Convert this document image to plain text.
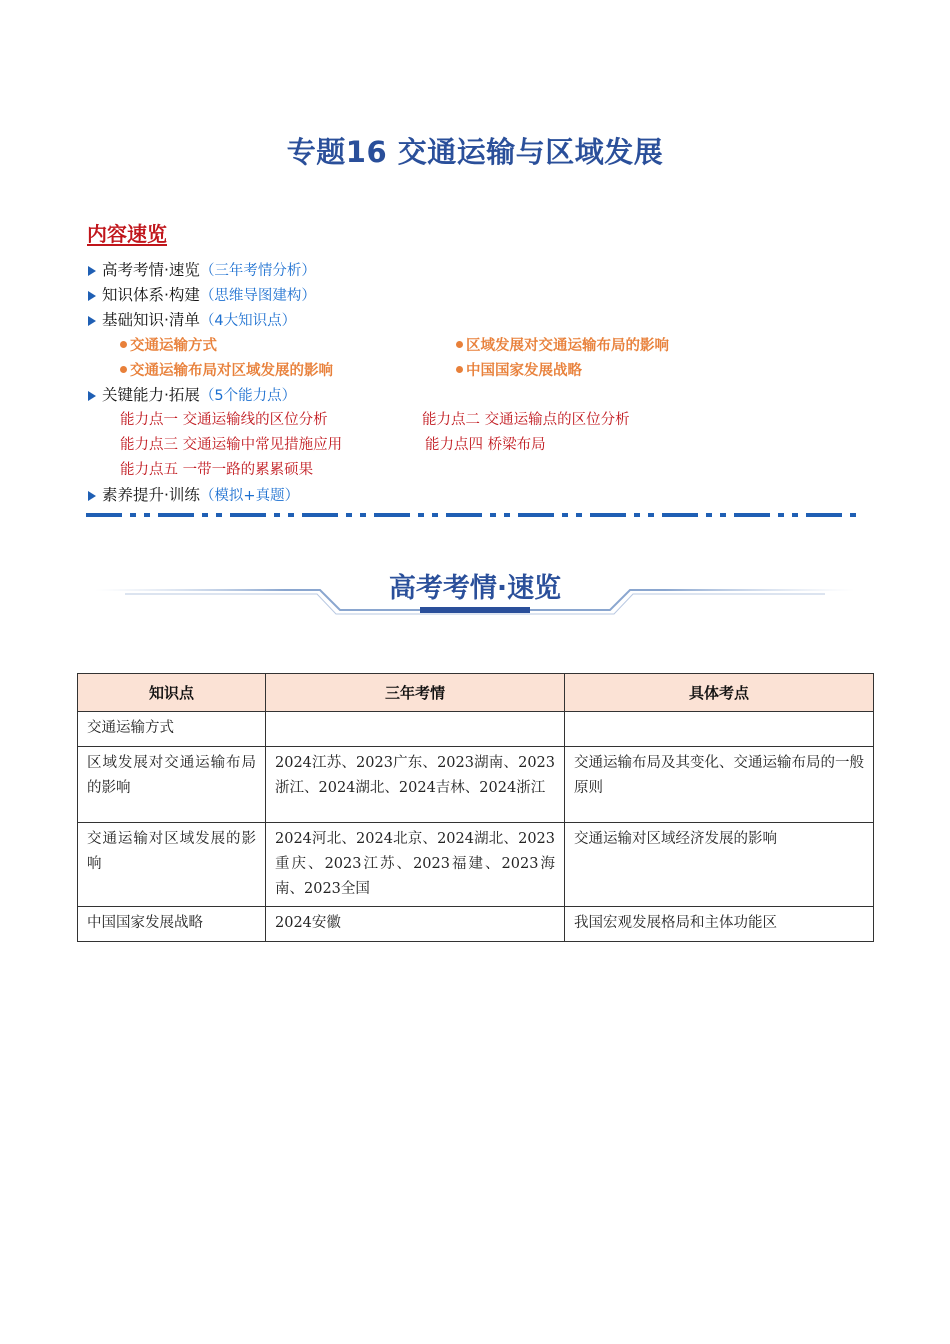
专题16 交通运输与区域发展
内容速览
高考考情·速览（三年考情分析）
知识体系·构建（思维导图建构）
基础知识·清单（4大知识点）
交通运输方式	区域发展对交通运输布局的影响
交通运输布局对区域发展的影响	中国国家发展战略
关键能力·拓展（5个能力点）
能力点一 交通运输线的区位分析	能力点二 交通运输点的区位分析
能力点三 交通运输中常见措施应用	能力点四 桥梁布局
能力点五 一带一路的累累硕果
素养提升·训练（模拟+真题）
高考考情·速览
知识点	三年考情	具体考点
交通运输方式		
区域发展对交通运输布局的影响	2024江苏、2023广东、2023湖南、2023浙江、2024湖北、2024吉林、2024浙江	交通运输布局及其变化、交通运输布局的一般原则
交通运输对区域发展的影响	2024河北、2024北京、2024湖北、2023重庆、2023江苏、2023福建、2023海南、2023全国	交通运输对区域经济发展的影响
中国国家发展战略	2024安徽	我国宏观发展格局和主体功能区
